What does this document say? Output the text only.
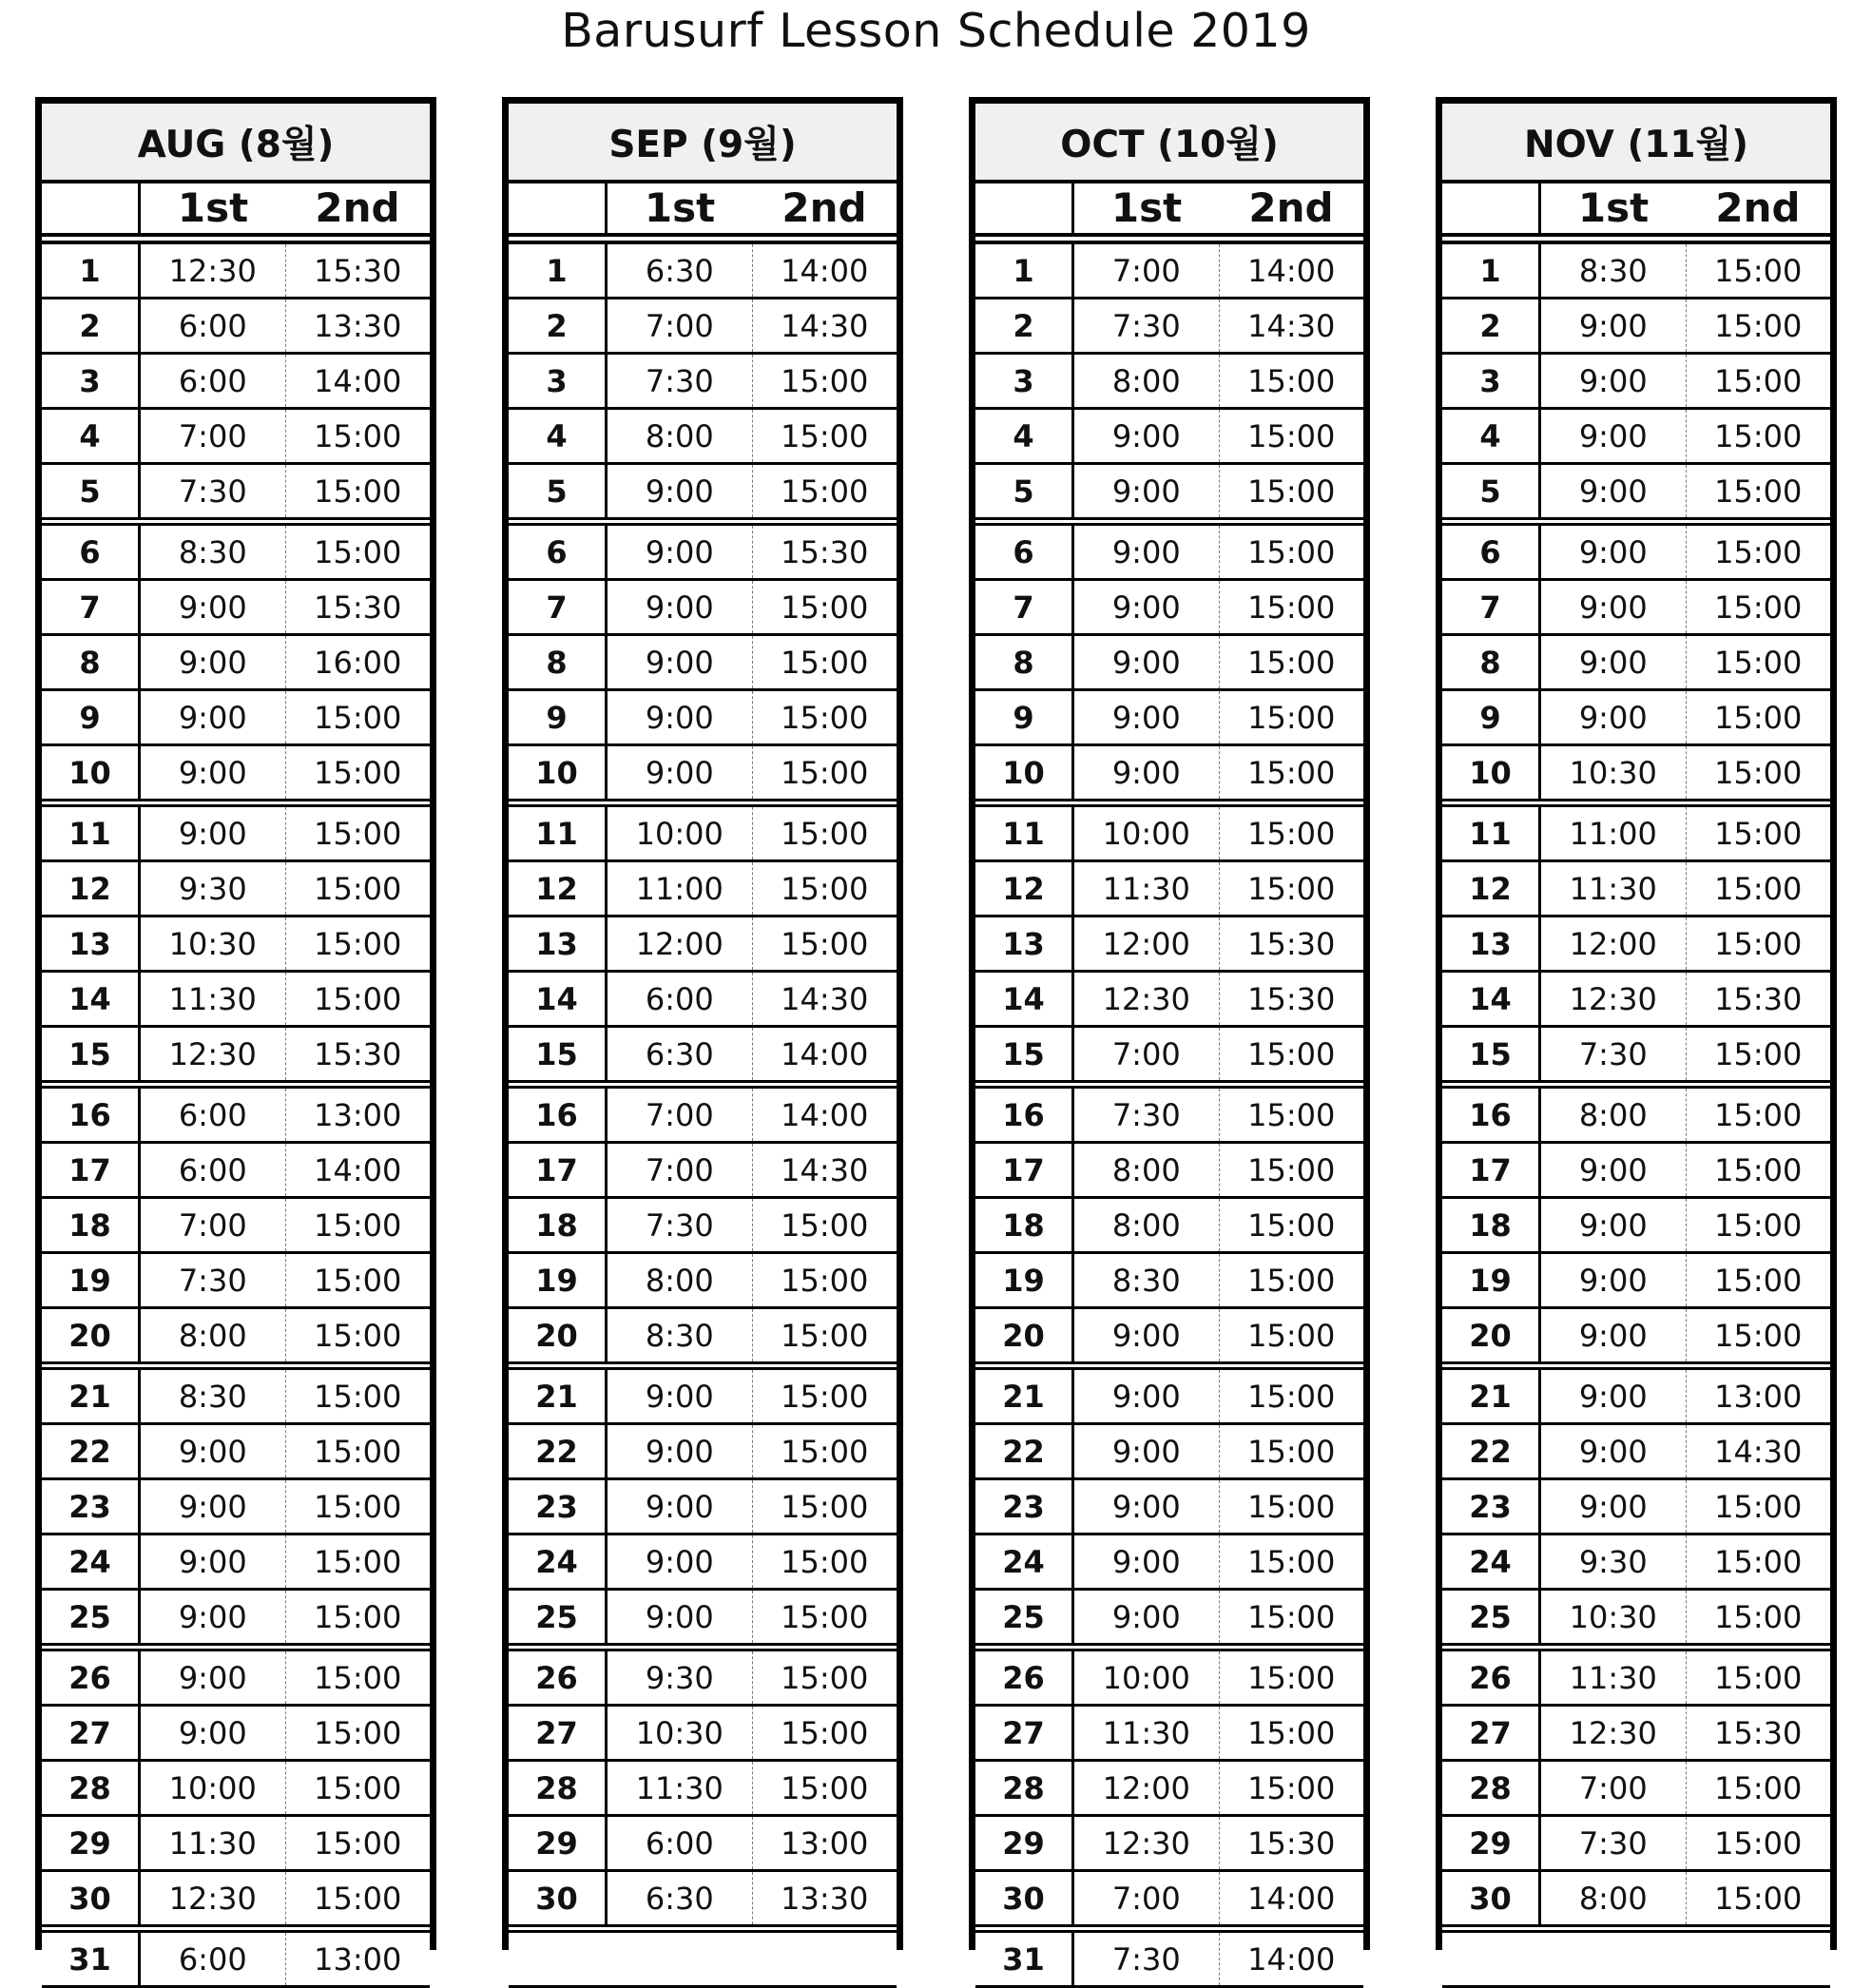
Barusurf Lesson Schedule 2019
AUG (8월)
1st	2nd
1	12:30	15:30
2	6:00	13:30
3	6:00	14:00
4	7:00	15:00
5	7:30	15:00
6	8:30	15:00
7	9:00	15:30
8	9:00	16:00
9	9:00	15:00
10	9:00	15:00
11	9:00	15:00
12	9:30	15:00
13	10:30	15:00
14	11:30	15:00
15	12:30	15:30
16	6:00	13:00
17	6:00	14:00
18	7:00	15:00
19	7:30	15:00
20	8:00	15:00
21	8:30	15:00
22	9:00	15:00
23	9:00	15:00
24	9:00	15:00
25	9:00	15:00
26	9:00	15:00
27	9:00	15:00
28	10:00	15:00
29	11:30	15:00
30	12:30	15:00
31	6:00	13:00
SEP (9월)
1st	2nd
1	6:30	14:00
2	7:00	14:30
3	7:30	15:00
4	8:00	15:00
5	9:00	15:00
6	9:00	15:30
7	9:00	15:00
8	9:00	15:00
9	9:00	15:00
10	9:00	15:00
11	10:00	15:00
12	11:00	15:00
13	12:00	15:00
14	6:00	14:30
15	6:30	14:00
16	7:00	14:00
17	7:00	14:30
18	7:30	15:00
19	8:00	15:00
20	8:30	15:00
21	9:00	15:00
22	9:00	15:00
23	9:00	15:00
24	9:00	15:00
25	9:00	15:00
26	9:30	15:00
27	10:30	15:00
28	11:30	15:00
29	6:00	13:00
30	6:30	13:30
OCT (10월)
1st	2nd
1	7:00	14:00
2	7:30	14:30
3	8:00	15:00
4	9:00	15:00
5	9:00	15:00
6	9:00	15:00
7	9:00	15:00
8	9:00	15:00
9	9:00	15:00
10	9:00	15:00
11	10:00	15:00
12	11:30	15:00
13	12:00	15:30
14	12:30	15:30
15	7:00	15:00
16	7:30	15:00
17	8:00	15:00
18	8:00	15:00
19	8:30	15:00
20	9:00	15:00
21	9:00	15:00
22	9:00	15:00
23	9:00	15:00
24	9:00	15:00
25	9:00	15:00
26	10:00	15:00
27	11:30	15:00
28	12:00	15:00
29	12:30	15:30
30	7:00	14:00
31	7:30	14:00
NOV (11월)
1st	2nd
1	8:30	15:00
2	9:00	15:00
3	9:00	15:00
4	9:00	15:00
5	9:00	15:00
6	9:00	15:00
7	9:00	15:00
8	9:00	15:00
9	9:00	15:00
10	10:30	15:00
11	11:00	15:00
12	11:30	15:00
13	12:00	15:00
14	12:30	15:30
15	7:30	15:00
16	8:00	15:00
17	9:00	15:00
18	9:00	15:00
19	9:00	15:00
20	9:00	15:00
21	9:00	13:00
22	9:00	14:30
23	9:00	15:00
24	9:30	15:00
25	10:30	15:00
26	11:30	15:00
27	12:30	15:30
28	7:00	15:00
29	7:30	15:00
30	8:00	15:00
